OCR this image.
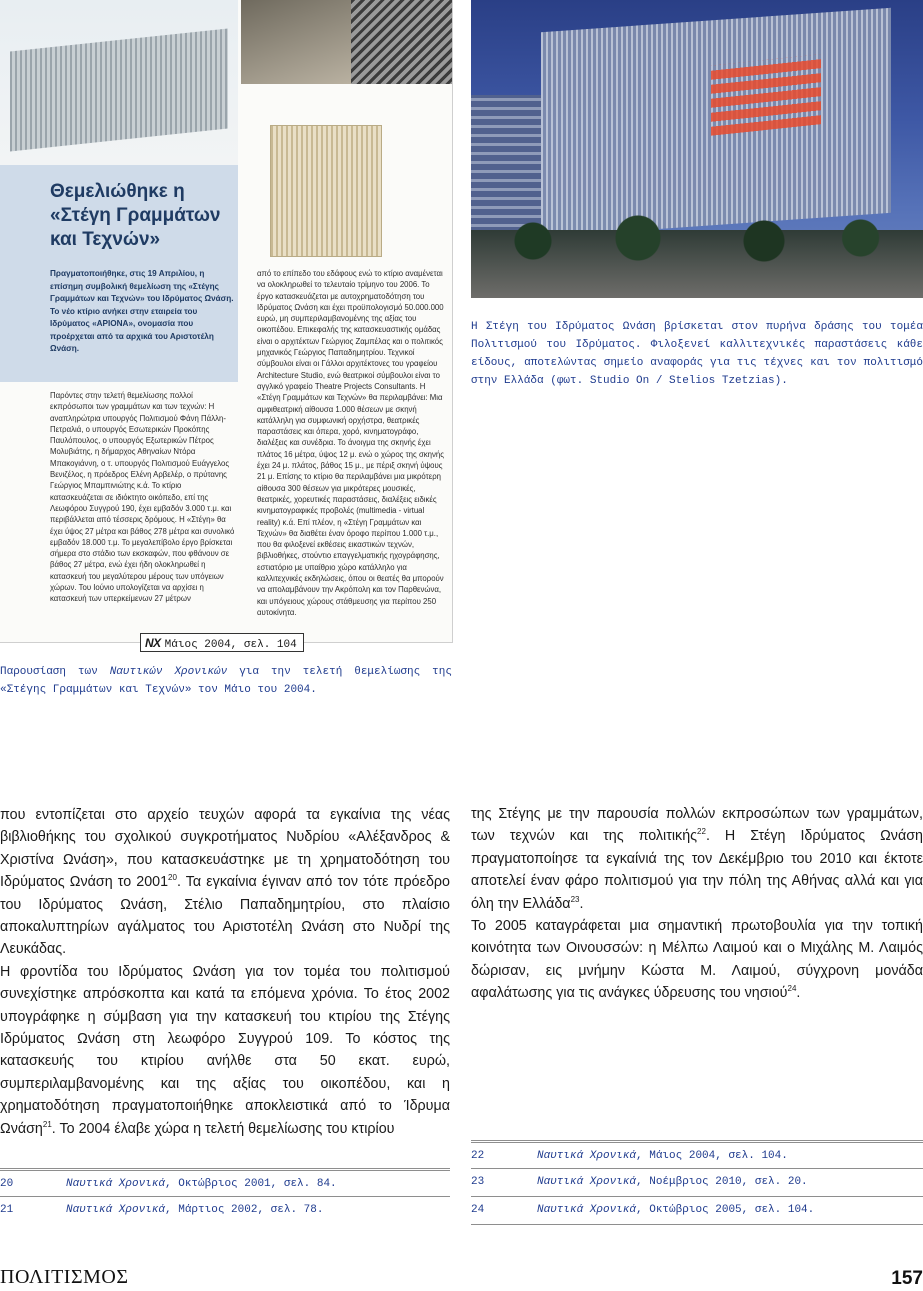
Θεμελιώθηκε η «Στέγη Γραμμάτων και Τεχνών»
Πραγματοποιήθηκε, στις 19 Απριλίου, η επίσημη συμβολική θεμελίωση της «Στέγης Γραμμάτων και Τεχνών» του Ιδρύματος Ωνάση. Το νέο κτίριο ανήκει στην εταιρεία του Ιδρύματος «ΑΡΙΟΝΑ», ονομασία που προέρχεται από τα αρχικά του Αριστοτέλη Ωνάση.

Παρόντες στην τελετή θεμελίωσης πολλοί εκπρόσωποι των γραμμάτων και των τεχνών: Η αναπληρώτρια υπουργός Πολιτισμού Φάνη Πάλλη-Πετραλιά, ο υπουργός Εσωτερικών Προκόπης Παυλόπουλος, ο υπουργός Εξωτερικών Πέτρος Μολυβιάτης, η δήμαρχος Αθηναίων Ντόρα Μπακογιάννη, ο τ. υπουργός Πολιτισμού Ευάγγελος Βενιζέλος, η πρόεδρος Ελένη Αρβελέρ, ο πρύτανης Γεώργιος Μπαμπινιώτης κ.ά. Το κτίριο κατασκευάζεται σε ιδιόκτητο οικόπεδο, επί της Λεωφόρου Συγγρού 190, έχει εμβαδόν 3.000 τ.μ. και περιβάλλεται από τέσσερις δρόμους. Η «Στέγη» θα έχει ύψος 27 μέτρα και βάθος 278 μέτρα και συνολικό εμβαδόν 18.000 τ.μ. Το μεγαλεπίβολο έργο βρίσκεται σήμερα στο στάδιο των εκσκαφών, που φθάνουν σε βάθος 27 μέτρα, ενώ έχει ήδη ολοκληρωθεί η κατασκευή του μεγαλύτερου μέρους των υπόγειων χώρων. Του Ιούνιο υπολογίζεται να αρχίσει η κατασκευή των υπερκείμενων 27 μέτρων

από το επίπεδο του εδάφους ενώ το κτίριο αναμένεται να ολοκληρωθεί το τελευταίο τρίμηνο του 2006. Το έργο κατασκευάζεται με αυτοχρηματοδότηση του Ιδρύματος Ωνάση και έχει προϋπολογισμό 50.000.000 ευρώ, μη συμπεριλαμβανομένης της αξίας του οικοπέδου. Επικεφαλής της κατασκευαστικής ομάδας είναι ο αρχιτέκτων Γεώργιος Ζαμπέλας και ο πολιτικός μηχανικός Γεώργιος Παπαδημητρίου. Τεχνικοί σύμβουλοι είναι οι Γάλλοι αρχιτέκτονες του γραφείου Architecture Studio, ενώ θεατρικοί σύμβουλοι είναι το αγγλικό γραφείο Theatre Projects Consultants. Η «Στέγη Γραμμάτων και Τεχνών» θα περιλαμβάνει: Μια αμφιθεατρική αίθουσα 1.000 θέσεων με σκηνή κατάλληλη για συμφωνική ορχήστρα, θεατρικές παραστάσεις και όπερα, χορό, κινηματογράφο, διαλέξεις και συνέδρια. Το άνοιγμα της σκηνής έχει πλάτος 16 μέτρα, ύψος 12 μ. ενώ ο χώρος της σκηνής έχει 24 μ. πλάτος, βάθος 15 μ., με πέριξ σκηνή ύψους 21 μ. Επίσης το κτίριο θα περιλαμβάνει μια μικρότερη αίθουσα 300 θέσεων για μικρότερες μουσικές, θεατρικές, χορευτικές παραστάσεις, διαλέξεις ειδικές κινηματογραφικές προβολές (multimedia - virtual reality) κ.ά. Επί πλέον, η «Στέγη Γραμμάτων και Τεχνών» θα διαθέτει έναν όροφο περίπου 1.000 τ.μ., που θα φιλοξενεί εκθέσεις εικαστικών τεχνών, βιβλιοθήκες, στούντιο επαγγελματικής ηχογράφησης, εστιατόριο με υπαίθριο χώρο κατάλληλο για καλλιτεχνικές εκδηλώσεις, όπου οι θεατές θα μπορούν να απολαμβάνουν την Ακρόπολη και τον Παρθενώνα, και υπόγειους χώρους στάθμευσης για περίπου 250 αυτοκίνητα.

NX Μάιος 2004, σελ. 104
Παρουσίαση των Ναυτικών Χρονικών για την τελετή θεμελίωσης της «Στέγης Γραμμάτων και Τεχνών» τον Μάιο του 2004.
Η Στέγη του Ιδρύματος Ωνάση βρίσκεται στον πυρήνα δράσης του τομέα Πολιτισμού του Ιδρύματος. Φιλοξενεί καλλιτεχνικές παραστάσεις κάθε είδους, αποτελώντας σημείο αναφοράς για τις τέχνες και τον πολιτισμό στην Ελλάδα (φωτ. Studio On / Stelios Tzetzias).

που εντοπίζεται στο αρχείο τευχών αφορά τα εγκαίνια της νέας βιβλιοθήκης του σχολικού συγκροτήματος Νυδρίου «Αλέξανδρος & Χριστίνα Ωνάση», που κατασκευάστηκε με τη χρηματοδότηση του Ιδρύματος Ωνάση το 2001$^{20}$. Τα εγκαίνια έγιναν από τον τότε πρόεδρο του Ιδρύματος Ωνάση, Στέλιο Παπαδημητρίου, στο πλαίσιο αποκαλυπτηρίων αγάλματος του Αριστοτέλη Ωνάση στο Νυδρί της Λευκάδας.

Η φροντίδα του Ιδρύματος Ωνάση για τον τομέα του πολιτισμού συνεχίστηκε απρόσκοπτα και κατά τα επόμενα χρόνια. Το έτος 2002 υπογράφηκε η σύμβαση για την κατασκευή του κτιρίου της Στέγης Ιδρύματος Ωνάση στη λεωφόρο Συγγρού 109. Το κόστος της κατασκευής του κτιρίου ανήλθε στα 50 εκατ. ευρώ, συμπεριλαμβανομένης και της αξίας του οικοπέδου, και η χρηματοδότηση πραγματοποιήθηκε αποκλειστικά από το Ίδρυμα Ωνάση$^{21}$. Το 2004 έλαβε χώρα η τελετή θεμελίωσης του κτιρίου

της Στέγης με την παρουσία πολλών εκπροσώπων των γραμμάτων, των τεχνών και της πολιτικής$^{22}$. Η Στέγη Ιδρύματος Ωνάση πραγματοποίησε τα εγκαίνιά της τον Δεκέμβριο του 2010 και έκτοτε αποτελεί έναν φάρο πολιτισμού για την πόλη της Αθήνας αλλά και για όλη την Ελλάδα$^{23}$.

Το 2005 καταγράφεται μια σημαντική πρωτοβουλία για την τοπική κοινότητα των Οινουσσών: η Μέλπω Λαιμού και ο Μιχάλης Μ. Λαιμός δώρισαν, εις μνήμην Κώστα Μ. Λαιμού, σύγχρονη μονάδα αφαλάτωσης για τις ανάγκες ύδρευσης του νησιού$^{24}$.

20	Ναυτικά Χρονικά, Οκτώβριος 2001, σελ. 84.
21	Ναυτικά Χρονικά, Μάρτιος 2002, σελ. 78.
22	Ναυτικά Χρονικά, Μάιος 2004, σελ. 104.
23	Ναυτικά Χρονικά, Νοέμβριος 2010, σελ. 20.
24	Ναυτικά Χρονικά, Οκτώβριος 2005, σελ. 104.
ΠΟΛΙΤΙΣΜΟΣ	157
